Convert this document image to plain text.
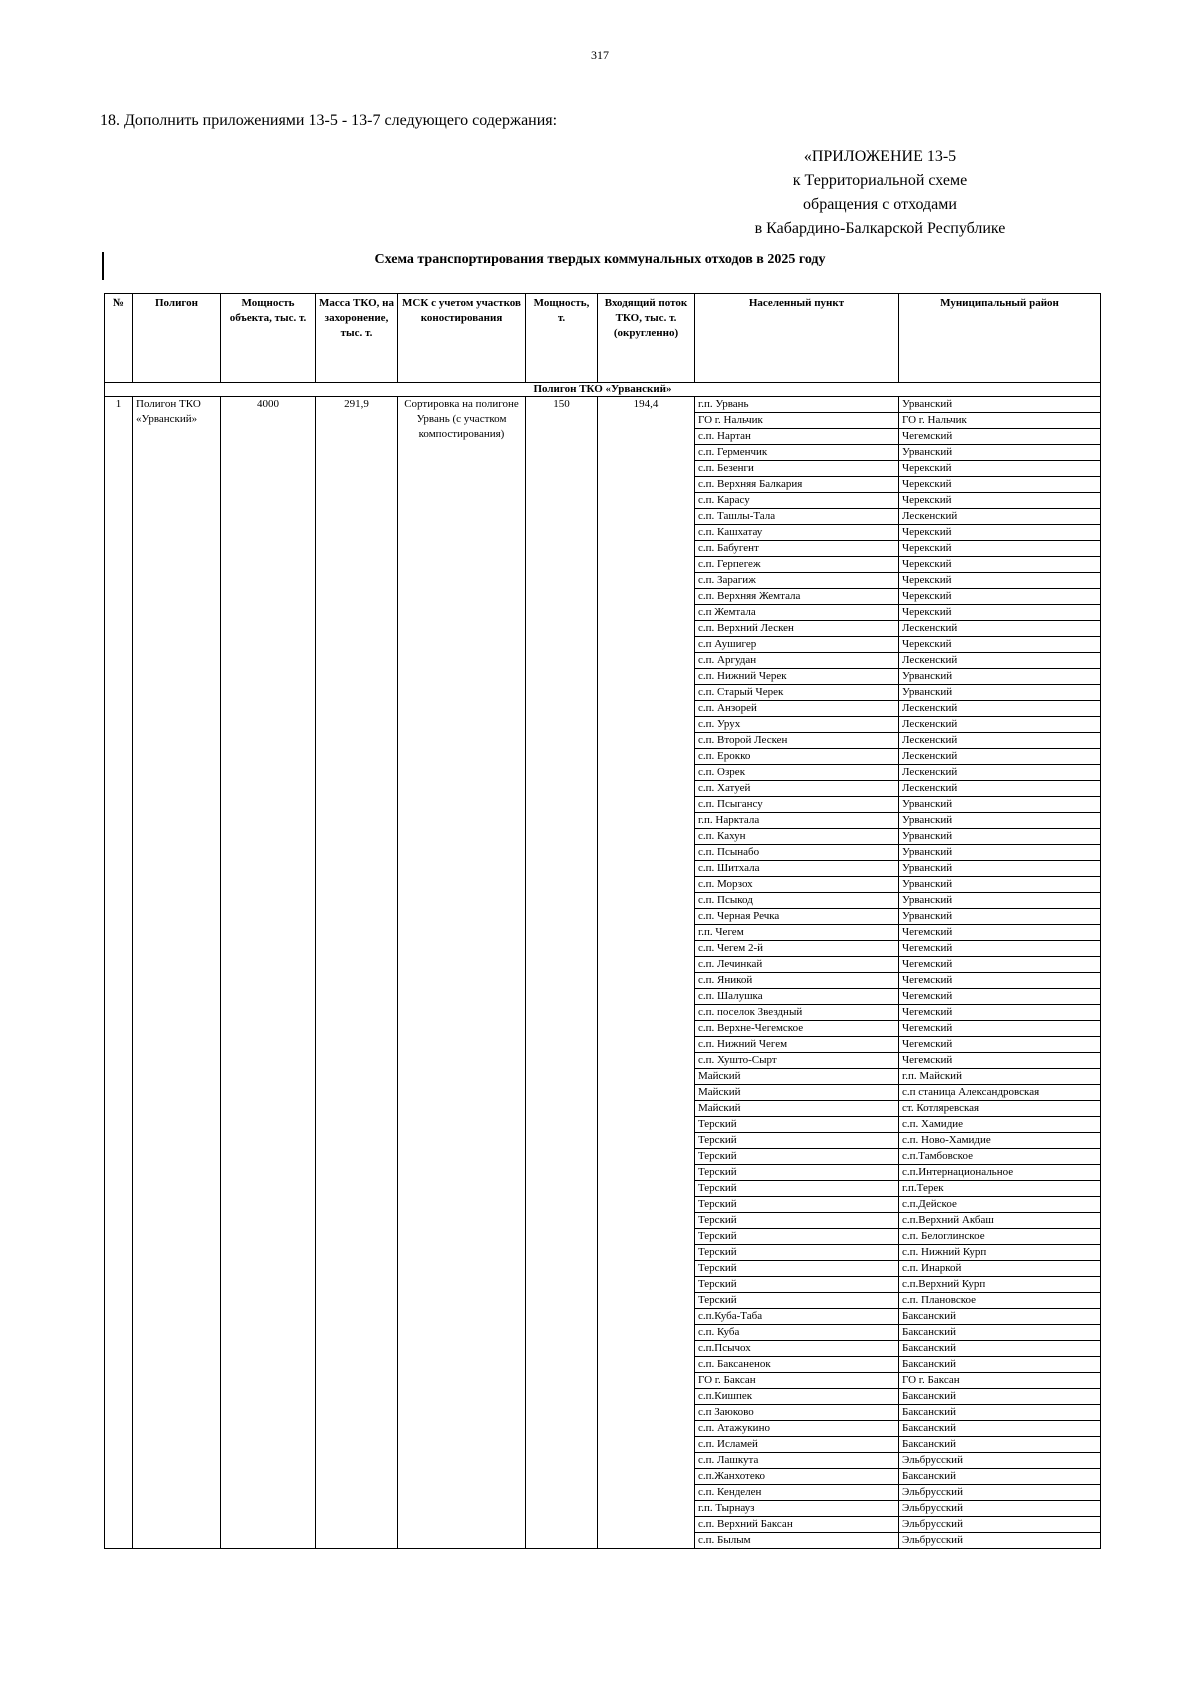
317
18. Дополнить приложениями 13-5 - 13-7 следующего содержания:
«ПРИЛОЖЕНИЕ 13-5
к Территориальной схеме
обращения с отходами
в Кабардино-Балкарской Республике
Схема транспортирования твердых коммунальных отходов в 2025 году
№	Полигон	Мощность объекта, тыс. т.	Масса ТКО, на захоронение, тыс. т.	МСК с учетом участков коностирования	Мощность, т.	Входящий поток ТКО, тыс. т. (округленно)	Населенный пункт	Муниципальный район
Полигон ТКО «Урванский»								
1	Полигон ТКО «Урванский»	4000	291,9	Сортировка на полигоне Урвань (с участком компостирования)	150	194,4	г.п. Урвань	Урванский
							ГО г. Нальчик	ГО г. Нальчик
							с.п. Нартан	Чегемский
							с.п. Герменчик	Урванский
							с.п. Безенги	Черекский
							с.п. Верхняя Балкария	Черекский
							с.п. Карасу	Черекский
							с.п. Ташлы-Тала	Лескенский
							с.п. Кашхатау	Черекский
							с.п. Бабугент	Черекский
							с.п. Герпегеж	Черекский
							с.п. Зарагиж	Черекский
							с.п. Верхняя Жемтала	Черекский
							с.п Жемтала	Черекский
							с.п. Верхний Лескен	Лескенский
							с.п Аушигер	Черекский
							с.п. Аргудан	Лескенский
							с.п. Нижний Черек	Урванский
							с.п. Старый Черек	Урванский
							с.п. Анзорей	Лескенский
							с.п. Урух	Лескенский
							с.п. Второй Лескен	Лескенский
							с.п. Ерокко	Лескенский
							с.п. Озрек	Лескенский
							с.п. Хатуей	Лескенский
							с.п. Псыгансу	Урванский
							г.п. Нарктала	Урванский
							с.п. Кахун	Урванский
							с.п. Псынабо	Урванский
							с.п. Шитхала	Урванский
							с.п. Морзох	Урванский
							с.п. Псыкод	Урванский
							с.п. Черная Речка	Урванский
							г.п. Чегем	Чегемский
							с.п. Чегем 2-й	Чегемский
							с.п. Лечинкай	Чегемский
							с.п. Яникой	Чегемский
							с.п. Шалушка	Чегемский
							с.п. поселок Звездный	Чегемский
							с.п. Верхне-Чегемское	Чегемский
							с.п. Нижний Чегем	Чегемский
							с.п. Хушто-Сырт	Чегемский
							Майский	г.п. Майский
							Майский	с.п станица Александровская
							Майский	ст. Котляревская
							Терский	с.п. Хамидие
							Терский	с.п. Ново-Хамидие
							Терский	с.п.Тамбовское
							Терский	с.п.Интернациональное
							Терский	г.п.Терек
							Терский	с.п.Дейское
							Терский	с.п.Верхний Акбаш
							Терский	с.п. Белоглинское
							Терский	с.п. Нижний Курп
							Терский	с.п. Инаркой
							Терский	с.п.Верхний Курп
							Терский	с.п. Плановское
							с.п.Куба-Таба	Баксанский
							с.п. Куба	Баксанский
							с.п.Псычох	Баксанский
							с.п. Баксаненок	Баксанский
							ГО г. Баксан	ГО г. Баксан
							с.п.Кишпек	Баксанский
							с.п Заюково	Баксанский
							с.п. Атажукино	Баксанский
							с.п. Исламей	Баксанский
							с.п. Лашкута	Эльбрусский
							с.п.Жанхотеко	Баксанский
							с.п. Кенделен	Эльбрусский
							г.п. Тырнауз	Эльбрусский
							с.п. Верхний Баксан	Эльбрусский
							с.п. Былым	Эльбрусский
